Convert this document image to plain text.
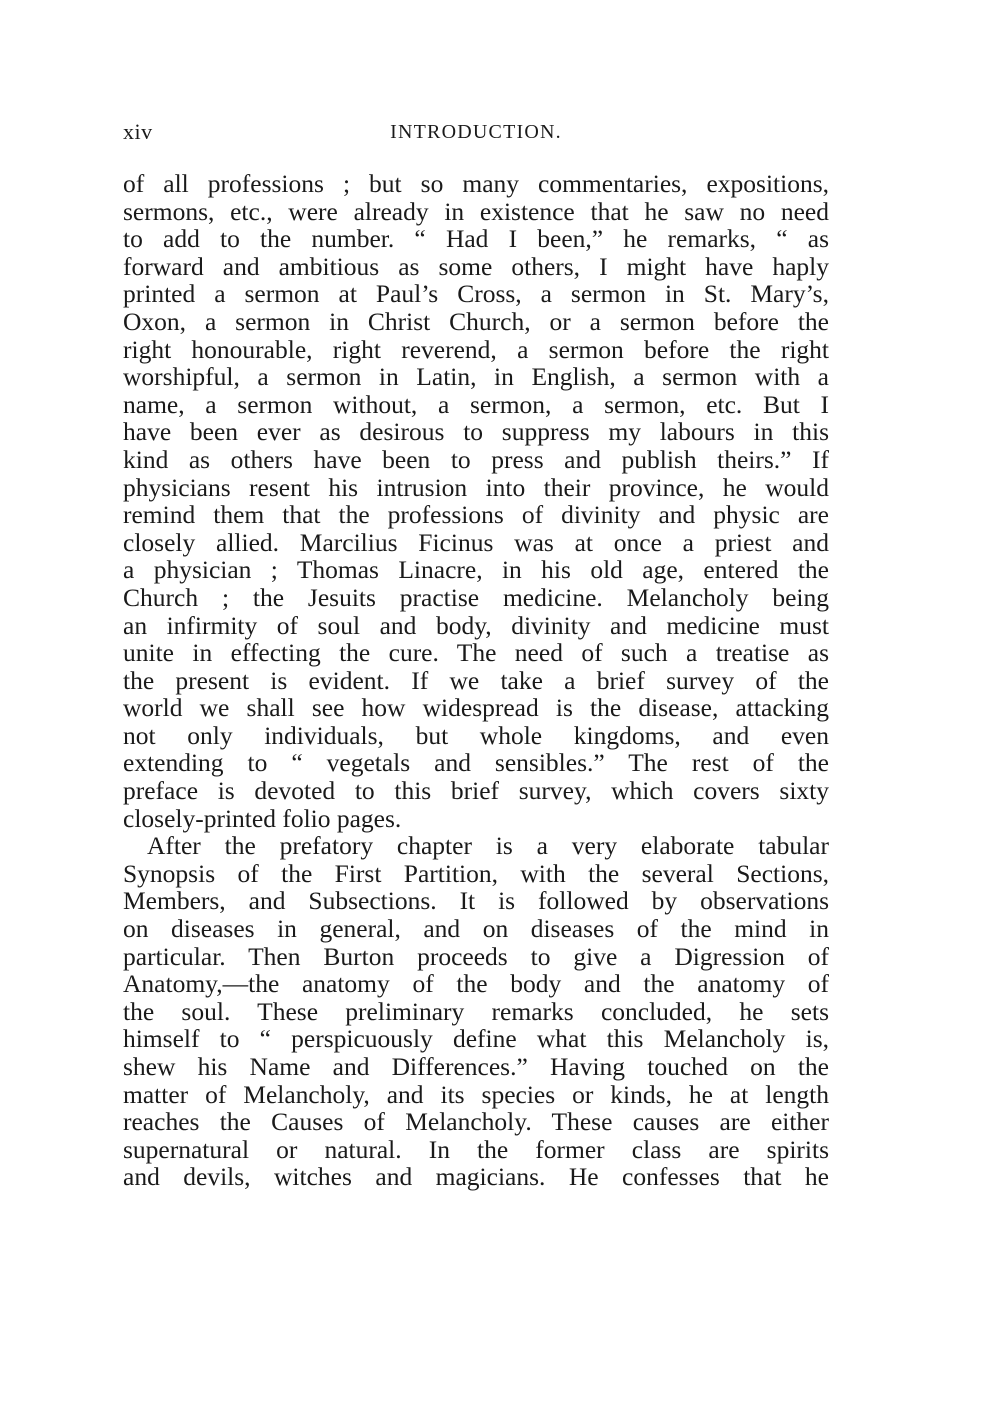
xiv	INTRODUCTION.
of all professions ; but so many commentaries, expositions,
sermons, etc., were already in existence that he saw no need
to add to the number. “ Had I been,” he remarks, “ as
forward and ambitious as some others, I might have haply
printed a sermon at Paul’s Cross, a sermon in St. Mary’s,
Oxon, a sermon in Christ Church, or a sermon before the
right honourable, right reverend, a sermon before the right
worshipful, a sermon in Latin, in English, a sermon with a
name, a sermon without, a sermon, a sermon, etc. But I
have been ever as desirous to suppress my labours in this
kind as others have been to press and publish theirs.” If
physicians resent his intrusion into their province, he would
remind them that the professions of divinity and physic are
closely allied. Marcilius Ficinus was at once a priest and
a physician ; Thomas Linacre, in his old age, entered the
Church ; the Jesuits practise medicine. Melancholy being
an infirmity of soul and body, divinity and medicine must
unite in effecting the cure. The need of such a treatise as
the present is evident. If we take a brief survey of the
world we shall see how widespread is the disease, attacking
not only individuals, but whole kingdoms, and even
extending to “ vegetals and sensibles.” The rest of the
preface is devoted to this brief survey, which covers sixty
closely-printed folio pages.
After the prefatory chapter is a very elaborate tabular
Synopsis of the First Partition, with the several Sections,
Members, and Subsections. It is followed by observations
on diseases in general, and on diseases of the mind in
particular. Then Burton proceeds to give a Digression of
Anatomy,—the anatomy of the body and the anatomy of
the soul. These preliminary remarks concluded, he sets
himself to “ perspicuously define what this Melancholy is,
shew his Name and Differences.” Having touched on the
matter of Melancholy, and its species or kinds, he at length
reaches the Causes of Melancholy. These causes are either
supernatural or natural. In the former class are spirits
and devils, witches and magicians. He confesses that he
